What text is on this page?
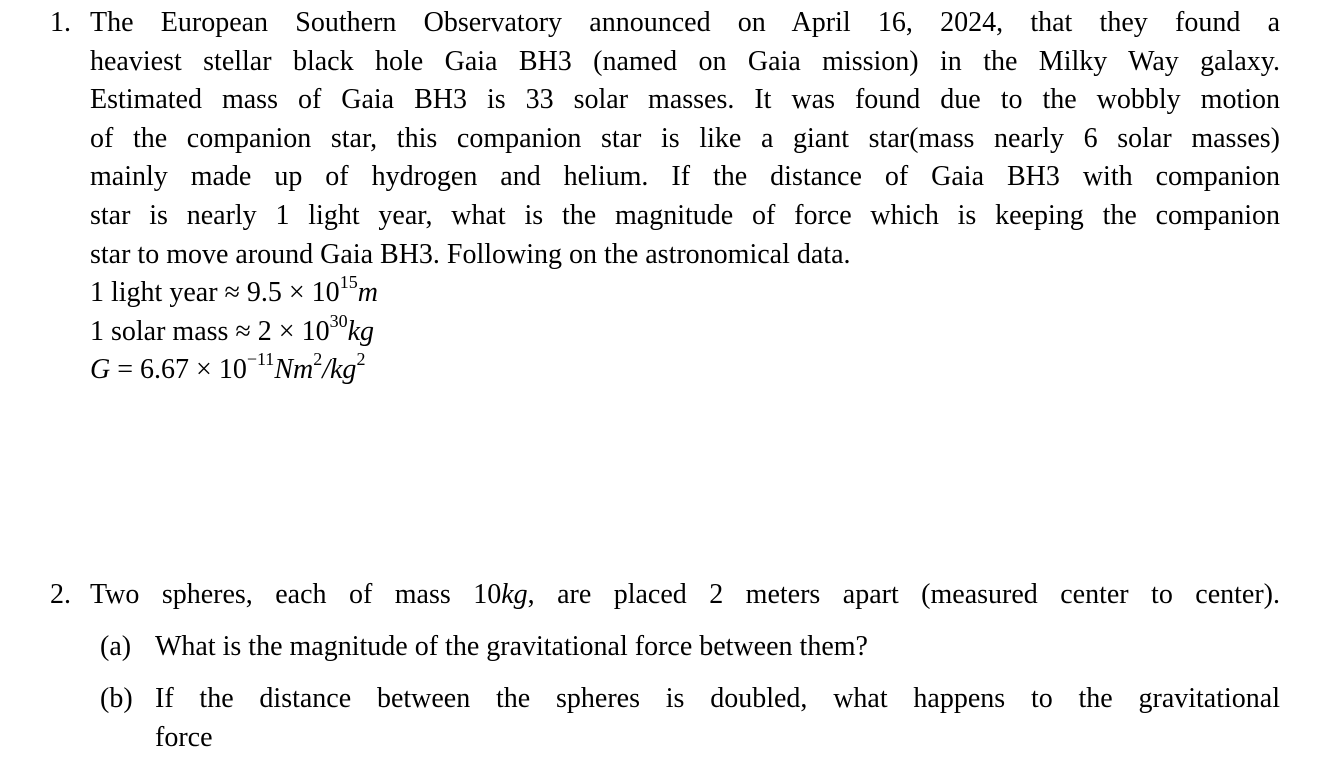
1. The European Southern Observatory announced on April 16, 2024, that they found a
heaviest stellar black hole Gaia BH3 (named on Gaia mission) in the Milky Way galaxy.
Estimated mass of Gaia BH3 is 33 solar masses. It was found due to the wobbly motion
of the companion star, this companion star is like a giant star(mass nearly 6 solar masses)
mainly made up of hydrogen and helium. If the distance of Gaia BH3 with companion
star is nearly 1 light year, what is the magnitude of force which is keeping the companion
star to move around Gaia BH3. Following on the astronomical data.
1 light year ≈ $9.5 \times 10^{15}m$
1 solar mass ≈ $2 \times 10^{30}kg$
$G = 6.67 \times 10^{-11}Nm^2/kg^2$
2. Two spheres, each of mass 10kg, are placed 2 meters apart (measured center to center).
(a) What is the magnitude of the gravitational force between them?
(b) If the distance between the spheres is doubled, what happens to the gravitational
force
